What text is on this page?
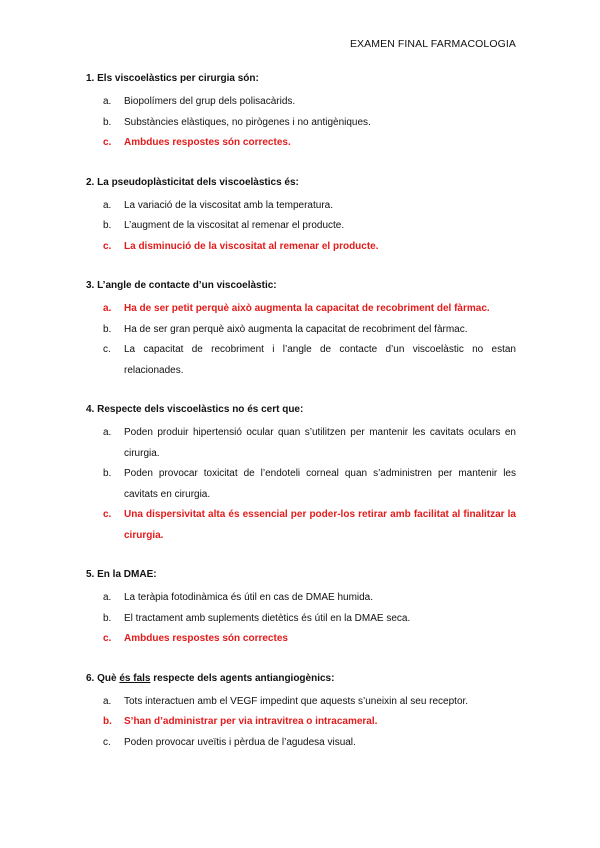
EXAMEN FINAL FARMACOLOGIA
1. Els viscoelàstics per cirurgia són:
a.	Biopolímers del grup dels polisacàrids.
b.	Substàncies elàstiques, no pirògenes i no antigèniques.
c.	Ambdues respostes són correctes.
2. La pseudoplàsticitat dels viscoelàstics és:
a.	La variació de la viscositat amb la temperatura.
b.	L’augment de la viscositat al remenar el producte.
c.	La disminució de la viscositat al remenar el producte.
3. L’angle de contacte d’un viscoelàstic:
a.	Ha de ser petit perquè això augmenta la capacitat de recobriment del fàrmac.
b.	Ha de ser gran perquè això augmenta la capacitat de recobriment del fàrmac.
c.	La capacitat de recobriment i l’angle de contacte d’un viscoelàstic no estan relacionades.
4. Respecte dels viscoelàstics no és cert que:
a.	Poden produir hipertensió ocular quan s’utilitzen per mantenir les cavitats oculars en cirurgia.
b.	Poden provocar toxicitat de l’endoteli corneal quan s’administren per mantenir les cavitats en cirurgia.
c.	Una dispersivitat alta és essencial per poder-los retirar amb facilitat al finalitzar la cirurgia.
5. En la DMAE:
a.	La teràpia fotodinàmica és útil en cas de DMAE humida.
b.	El tractament amb suplements dietètics és útil en la DMAE seca.
c.	Ambdues respostes són correctes
6. Què és fals respecte dels agents antiangiogènics:
a.	Tots interactuen amb el VEGF impedint que aquests s’uneixin al seu receptor.
b.	S’han d’administrar per via intravitrea o intracameral.
c.	Poden provocar uveïtis i pèrdua de l’agudesa visual.
